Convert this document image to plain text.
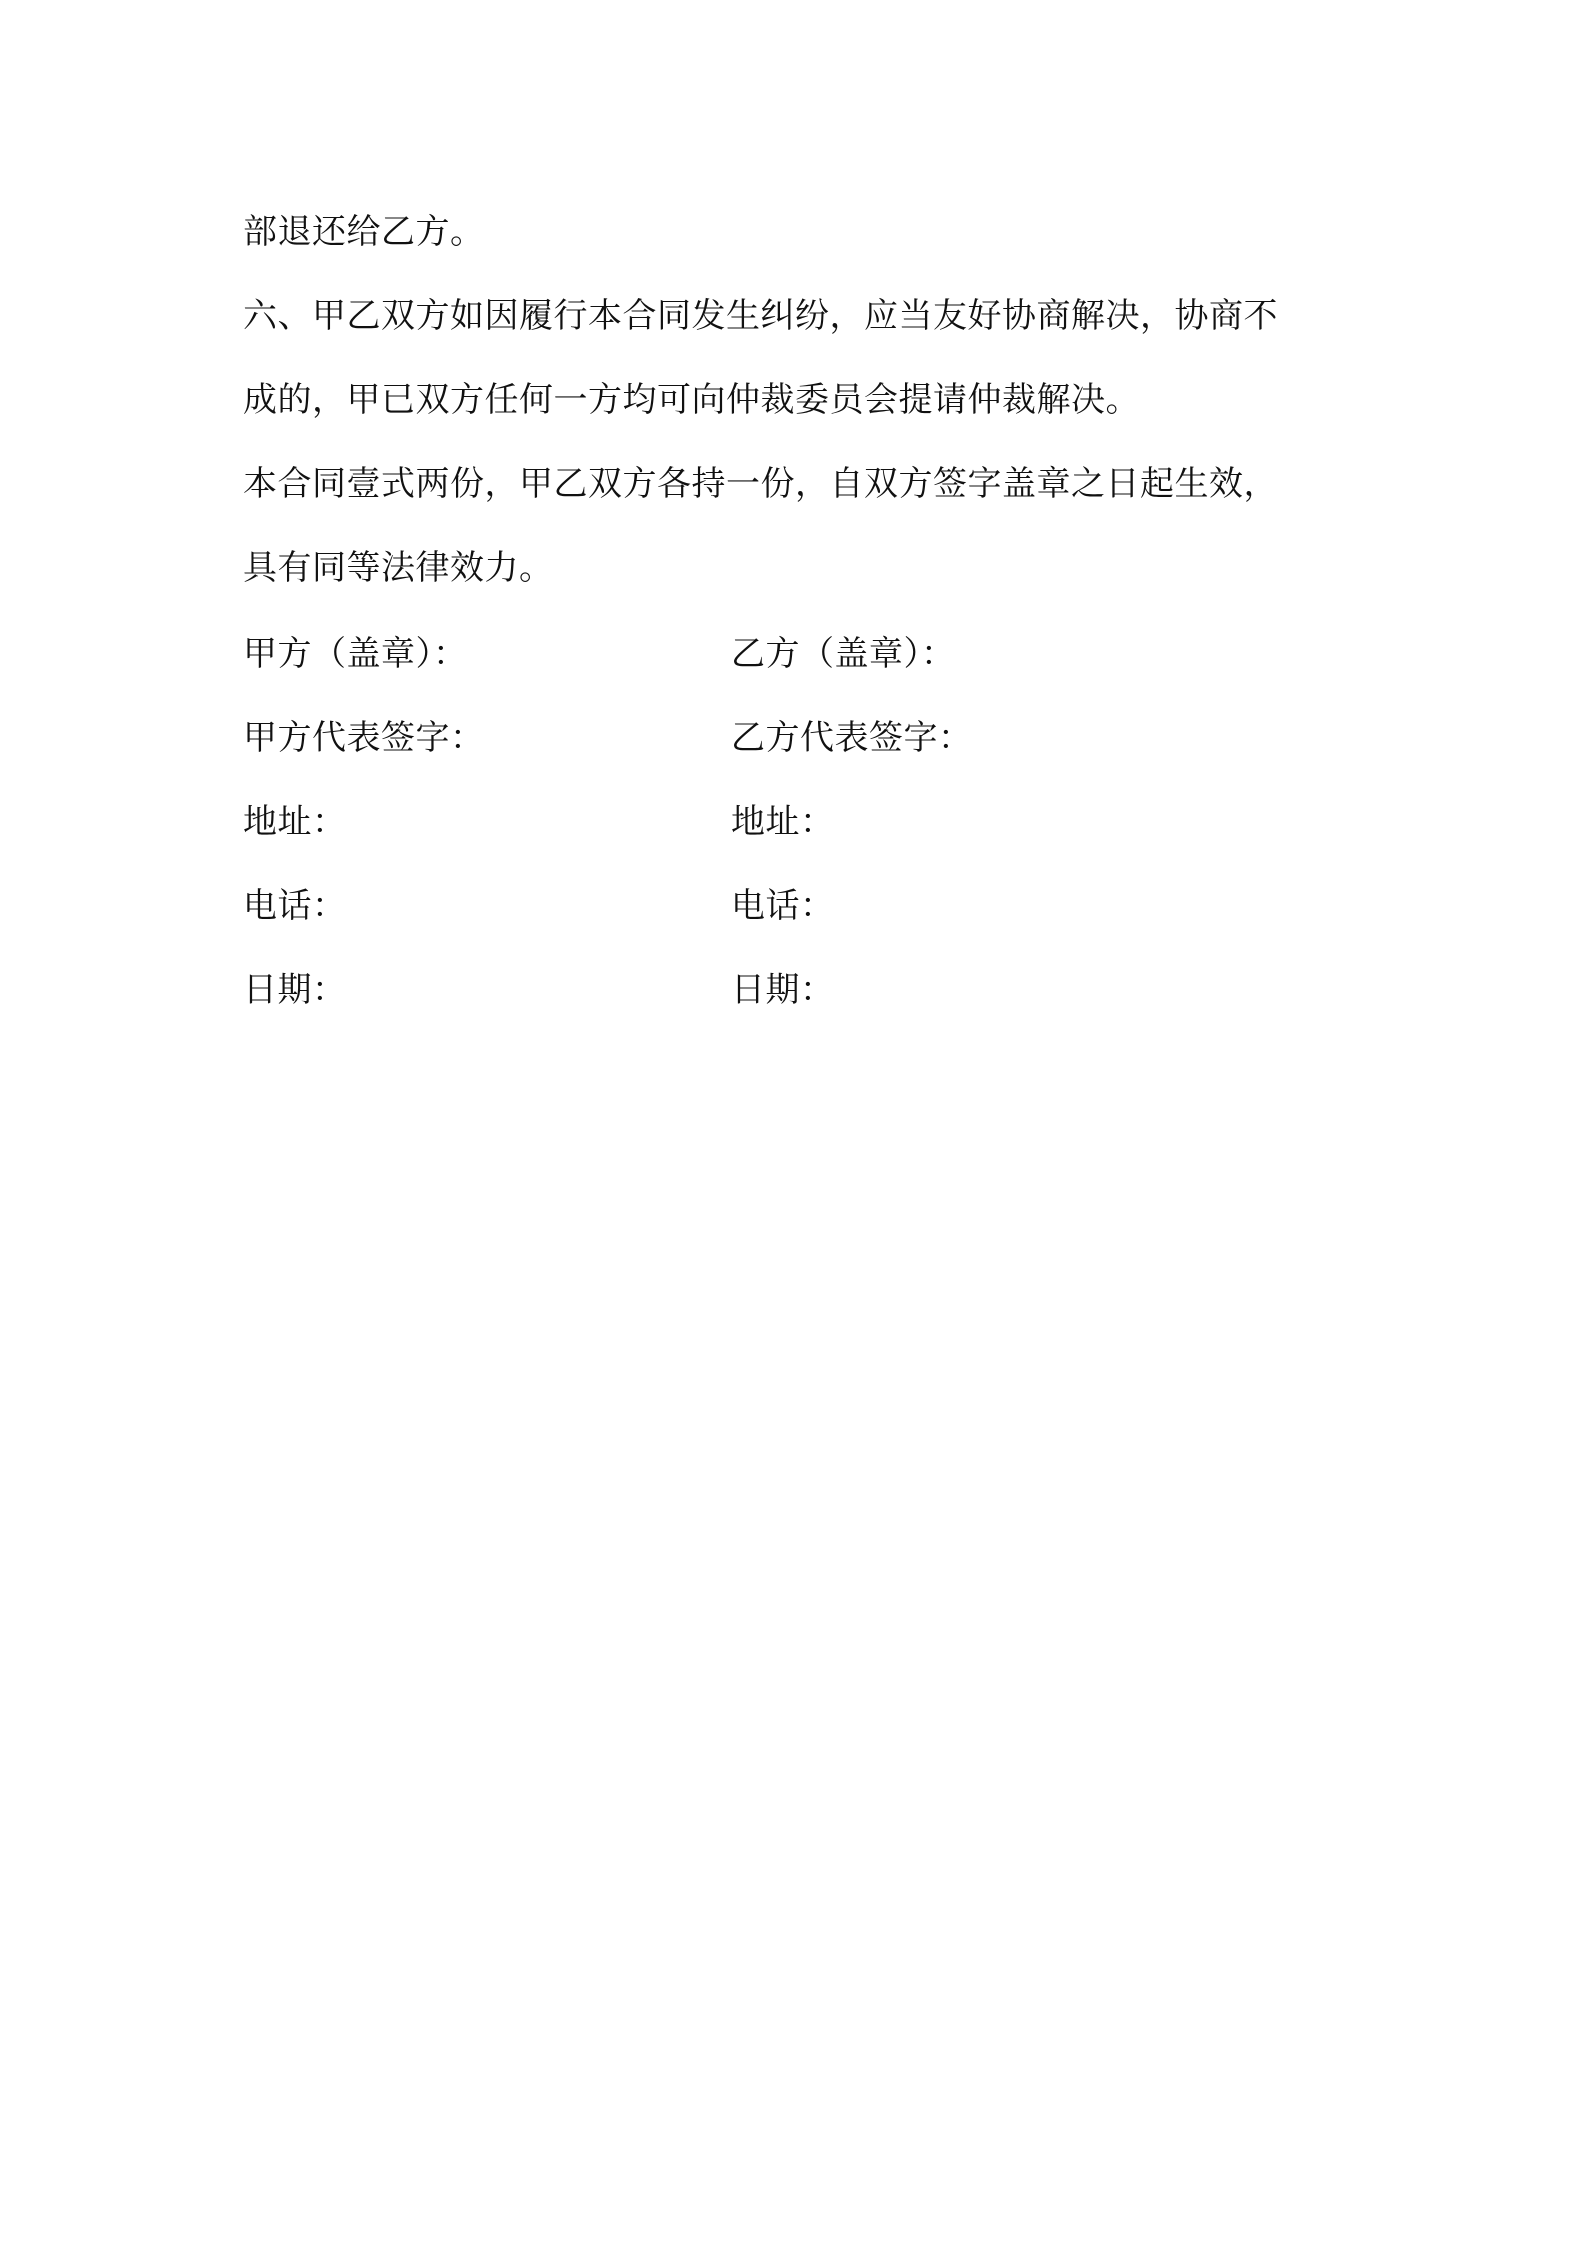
部退还给乙方。
六、甲乙双方如因履行本合同发生纠纷，应当友好协商解决，协商不
成的，甲已双方任何一方均可向仲裁委员会提请仲裁解决。
本合同壹式两份，甲乙双方各持一份，自双方签字盖章之日起生效，
具有同等法律效力。
甲方（盖章）：	乙方（盖章）：
甲方代表签字：	乙方代表签字：
地址：	地址：
电话：	电话：
日期：	日期：
